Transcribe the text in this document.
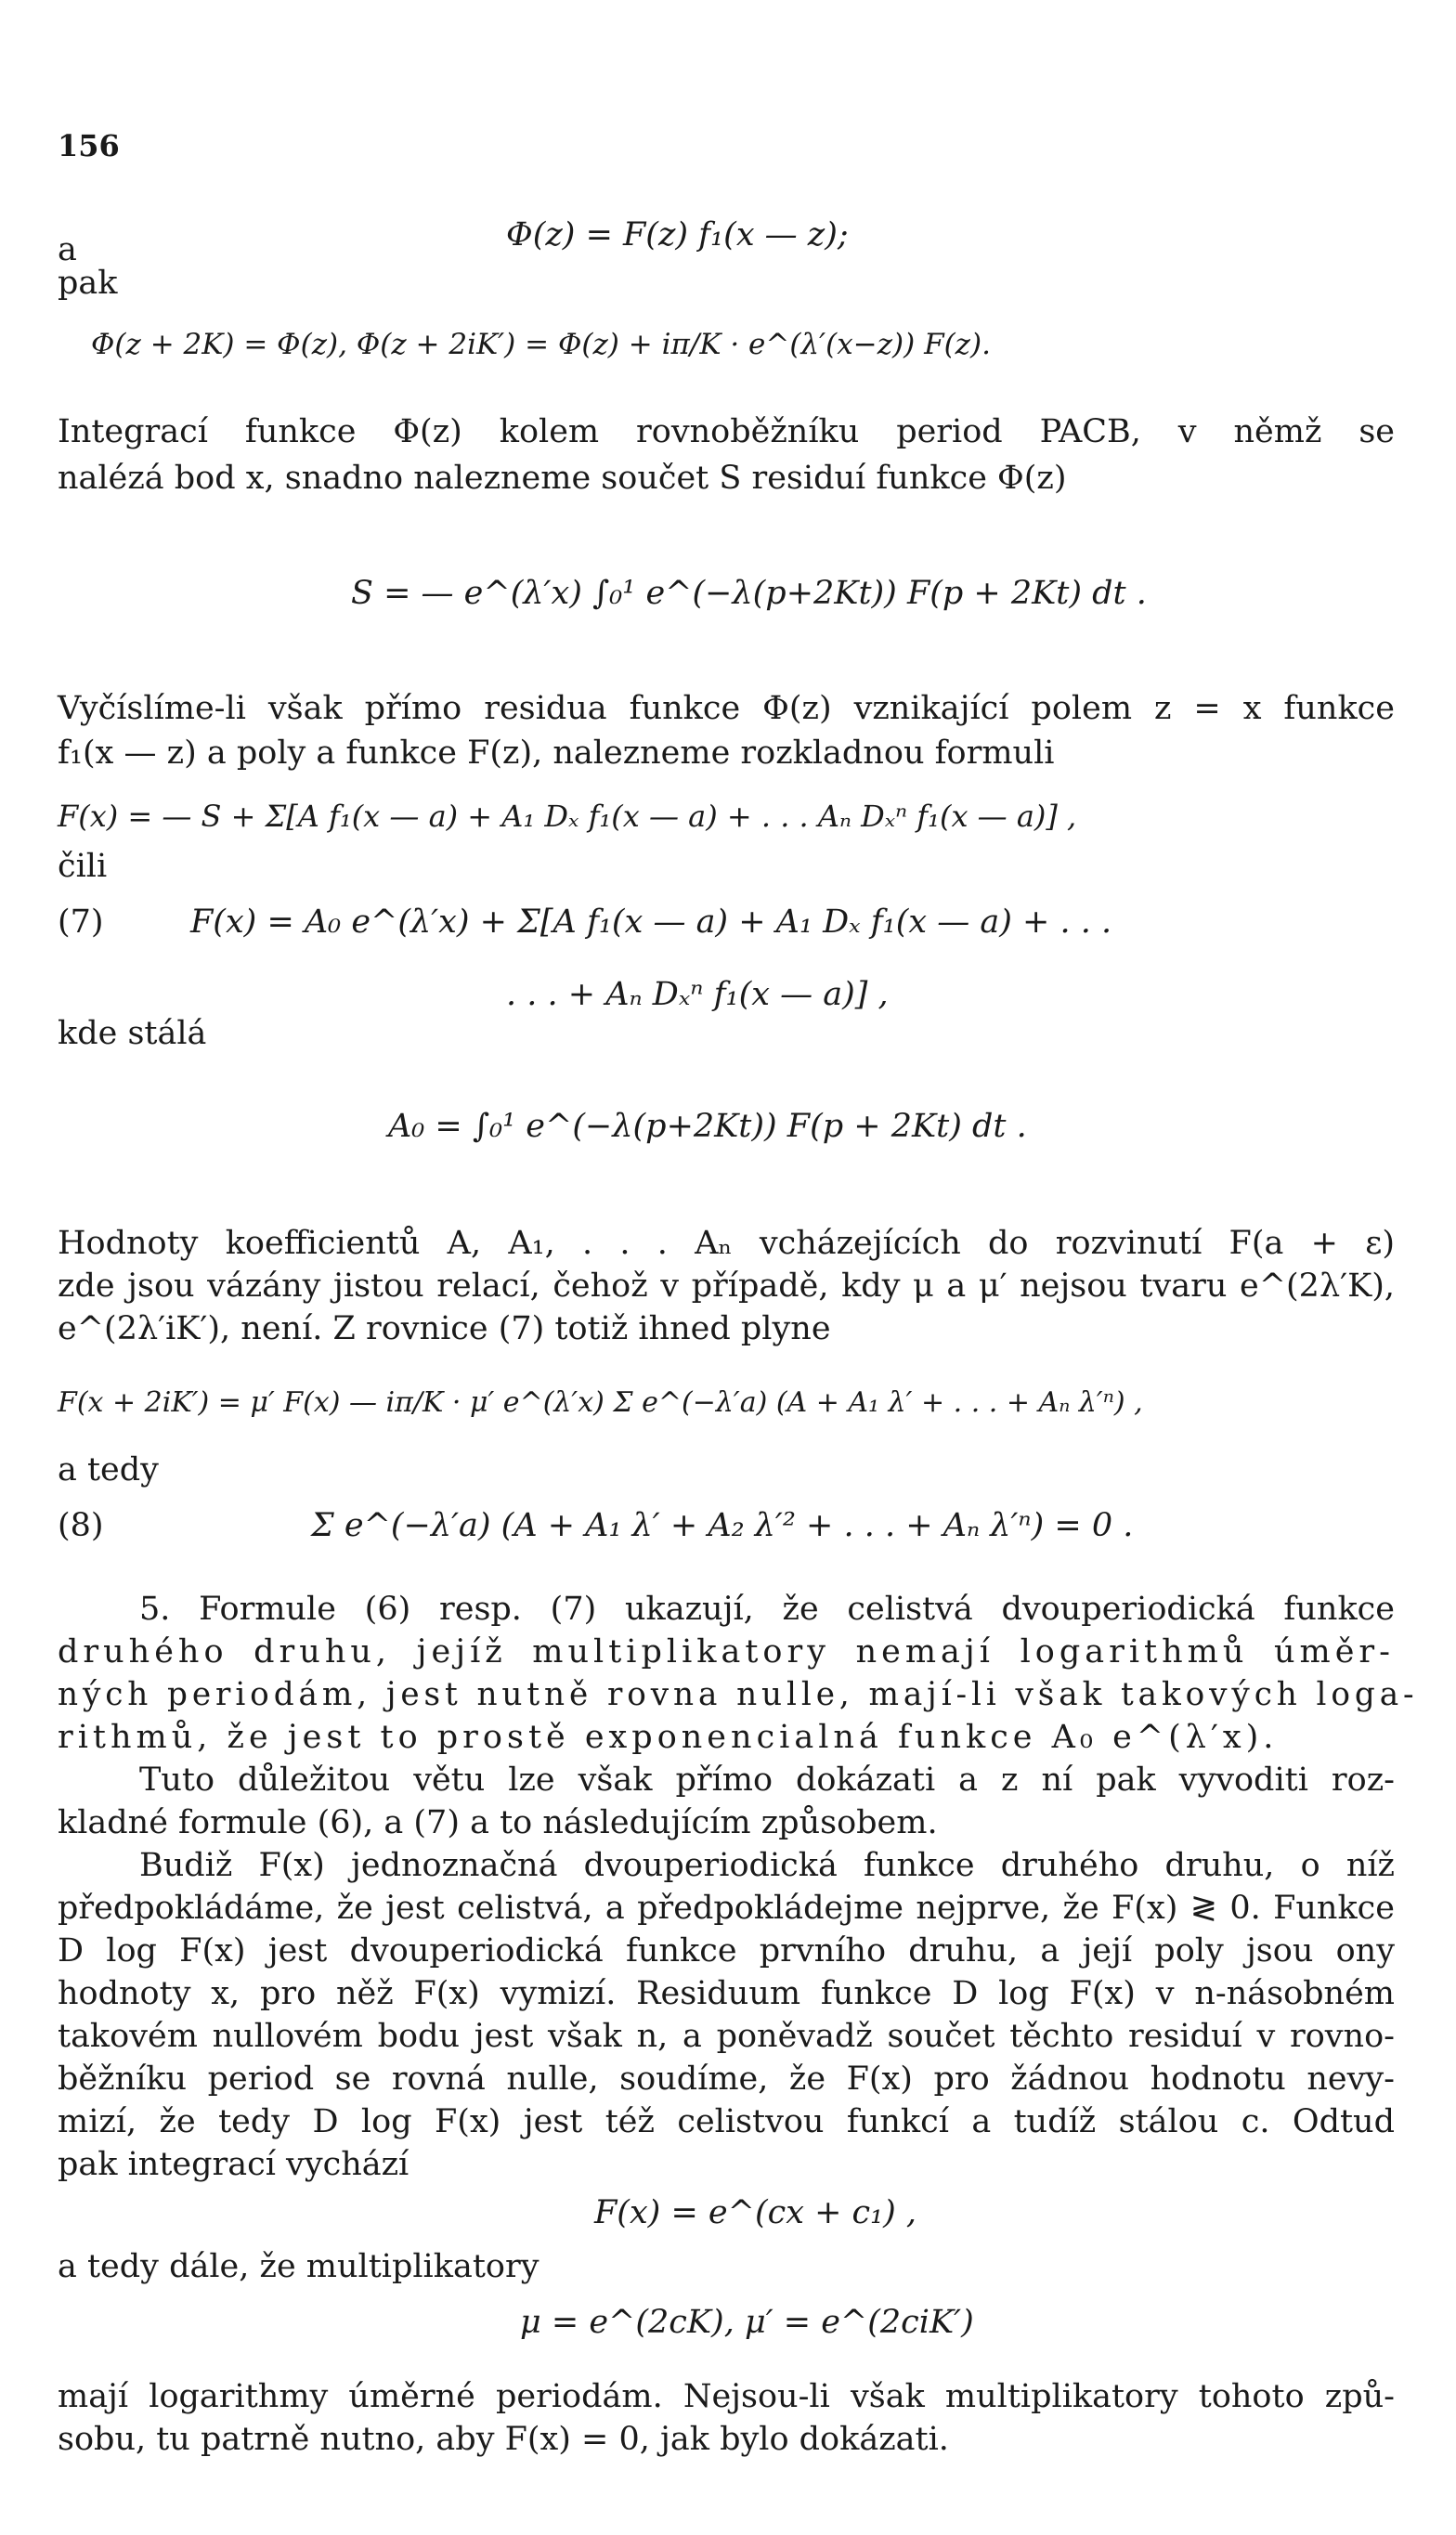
156
a	Φ(z) = F(z) f₁(x — z);
pak
Φ(z + 2K) = Φ(z), Φ(z + 2iK′) = Φ(z) + iπ/K · e^(λ′(x−z)) F(z).
Integrací funkce Φ(z) kolem rovnoběžníku period PACB, v němž se
nalézá bod x, snadno nalezneme součet S residuí funkce Φ(z)
S = — e^(λ′x) ∫₀¹ e^(−λ(p+2Kt)) F(p + 2Kt) dt .
Vyčíslíme-li však přímo residua funkce Φ(z) vznikající polem z = x funkce
f₁(x — z) a poly a funkce F(z), nalezneme rozkladnou formuli
F(x) = — S + Σ[A f₁(x — a) + A₁ Dₓ f₁(x — a) + . . . Aₙ Dₓⁿ f₁(x — a)] ,
čili
(7)	F(x) = A₀ e^(λ′x) + Σ[A f₁(x — a) + A₁ Dₓ f₁(x — a) + . . .
. . . + Aₙ Dₓⁿ f₁(x — a)] ,
kde stálá
A₀ = ∫₀¹ e^(−λ(p+2Kt)) F(p + 2Kt) dt .
Hodnoty koefficientů A, A₁, . . . Aₙ vcházejících do rozvinutí F(a + ε)
zde jsou vázány jistou relací, čehož v případě, kdy μ a μ′ nejsou tvaru e^(2λ′K),
e^(2λ′iK′), není. Z rovnice (7) totiž ihned plyne
F(x + 2iK′) = μ′ F(x) — iπ/K · μ′ e^(λ′x) Σ e^(−λ′a) (A + A₁ λ′ + . . . + Aₙ λ′ⁿ) ,
a tedy
(8)	Σ e^(−λ′a) (A + A₁ λ′ + A₂ λ′² + . . . + Aₙ λ′ⁿ) = 0 .
5. Formule (6) resp. (7) ukazují, že celistvá dvouperiodická funkce
druhého druhu, jejíž multiplikatory nemají logarithmů úměr-
ných periodám, jest nutně rovna nulle, mají-li však takových loga-
rithmů, že jest to prostě exponencialná funkce A₀ e^(λ′x).
Tuto důležitou větu lze však přímo dokázati a z ní pak vyvoditi roz-
kladné formule (6), a (7) a to následujícím způsobem.
Budiž F(x) jednoznačná dvouperiodická funkce druhého druhu, o níž
předpokládáme, že jest celistvá, a předpokládejme nejprve, že F(x) ≷ 0. Funkce
D log F(x) jest dvouperiodická funkce prvního druhu, a její poly jsou ony
hodnoty x, pro něž F(x) vymizí. Residuum funkce D log F(x) v n-násobném
takovém nullovém bodu jest však n, a poněvadž součet těchto residuí v rovno-
běžníku period se rovná nulle, soudíme, že F(x) pro žádnou hodnotu nevy-
mizí, že tedy D log F(x) jest též celistvou funkcí a tudíž stálou c. Odtud
pak integrací vychází
F(x) = e^(cx + c₁) ,
a tedy dále, že multiplikatory
μ = e^(2cK), μ′ = e^(2ciK′)
mají logarithmy úměrné periodám. Nejsou-li však multiplikatory tohoto způ-
sobu, tu patrně nutno, aby F(x) = 0, jak bylo dokázati.
